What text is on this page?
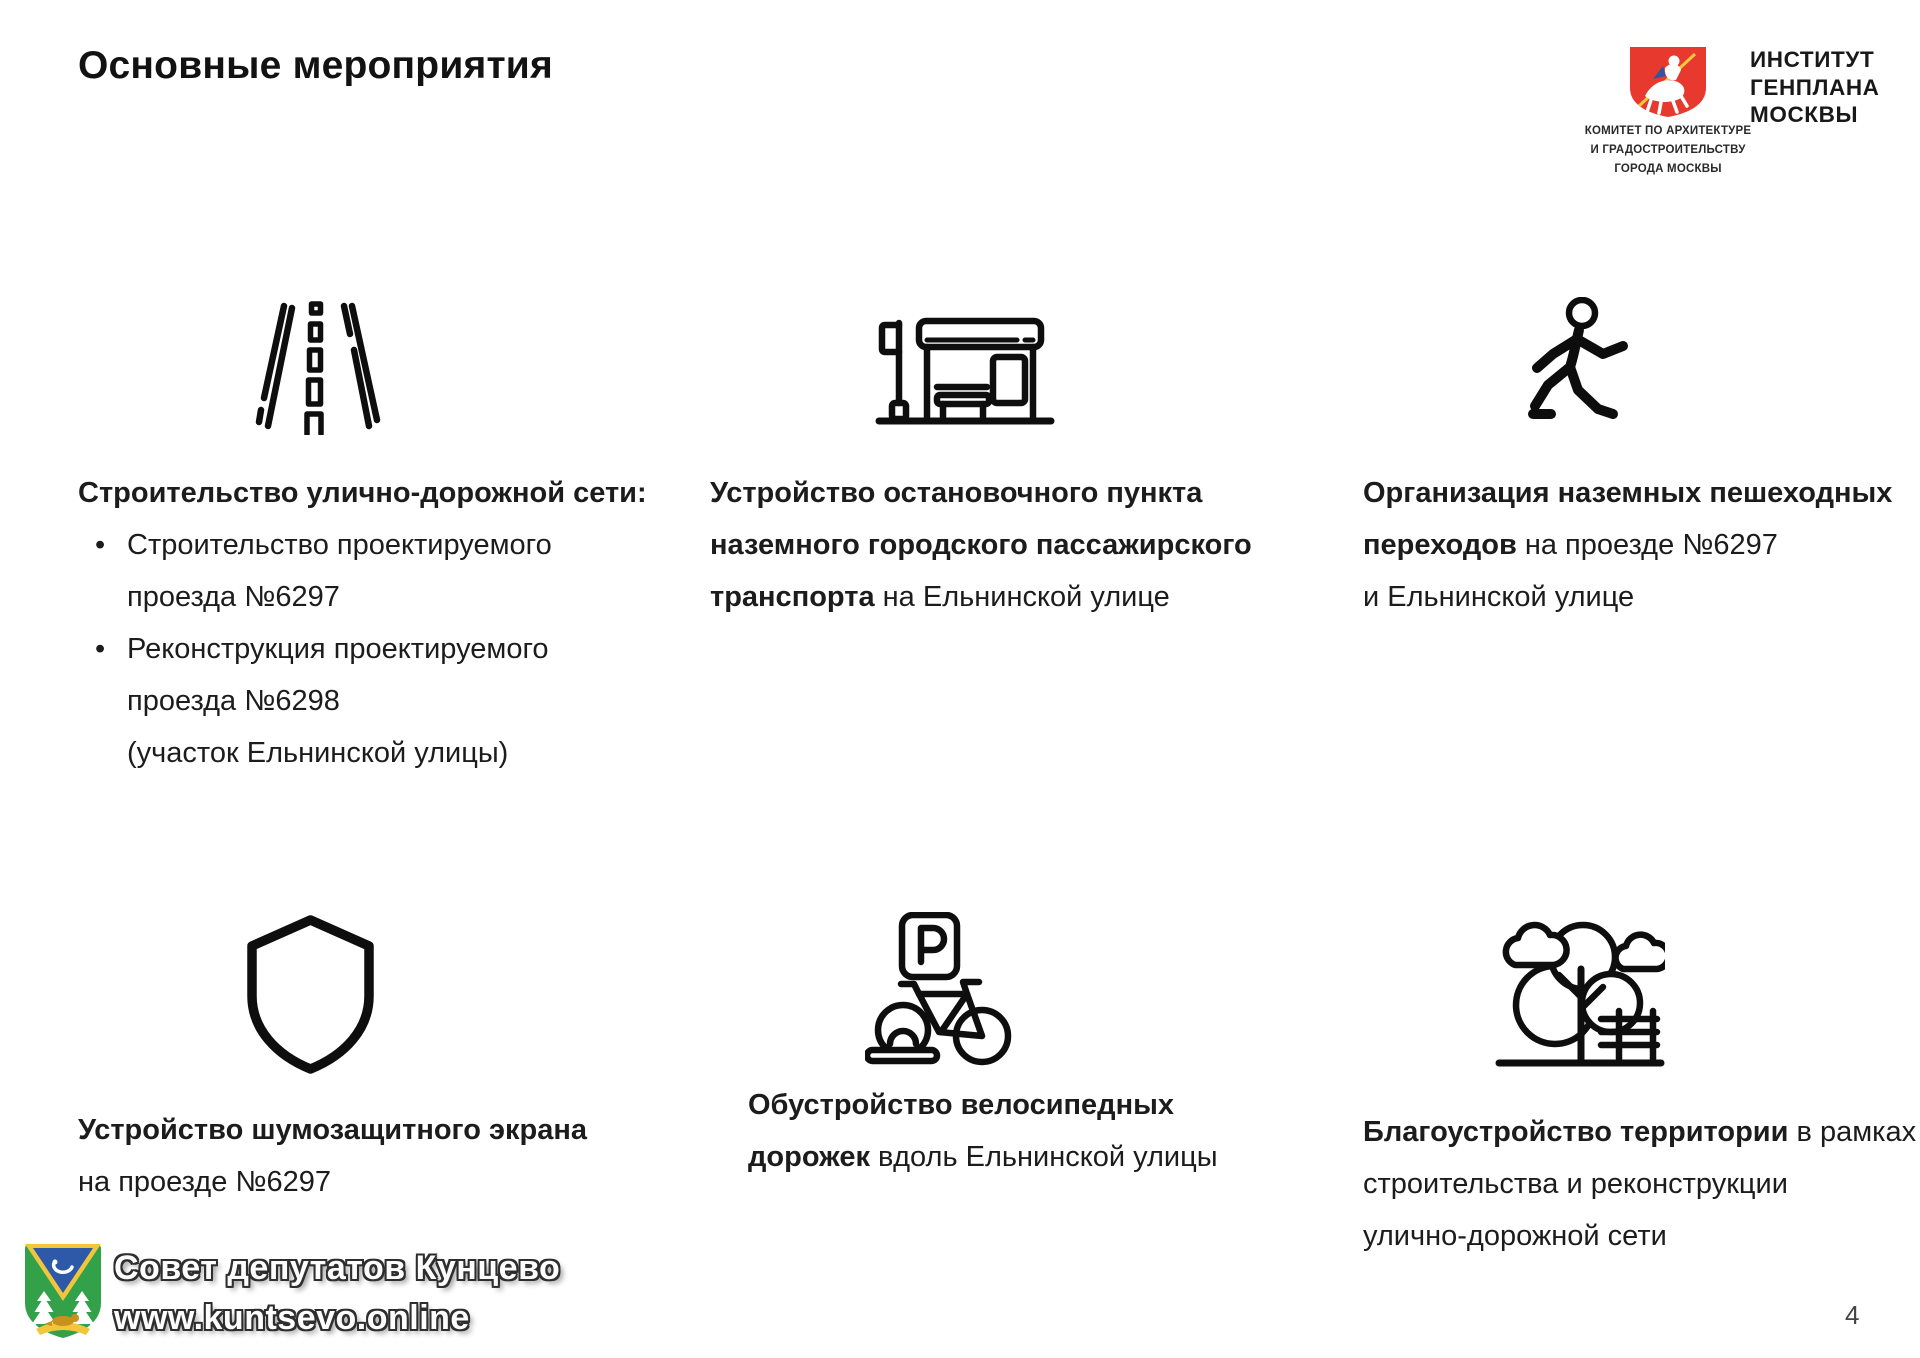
Основные мероприятия
КОМИТЕТ ПО АРХИТЕКТУРЕ
И ГРАДОСТРОИТЕЛЬСТВУ
ГОРОДА МОСКВЫ
ИНСТИТУТ
ГЕНПЛАНА
МОСКВЫ
Строительство улично-дорожной сети:
• Строительство проектируемого
проезда №6297
• Реконструкция проектируемого
проезда №6298
(участок Ельнинской улицы)
Устройство остановочного пункта
наземного городского пассажирского
транспорта на Ельнинской улице
Организация наземных пешеходных
переходов на проезде №6297
и Ельнинской улице
Устройство шумозащитного экрана
на проезде №6297
Обустройство велосипедных
дорожек вдоль Ельнинской улицы
Благоустройство территории в рамках
строительства и реконструкции
улично-дорожной сети
Совет депутатов Кунцево
www.kuntsevo.online	4
